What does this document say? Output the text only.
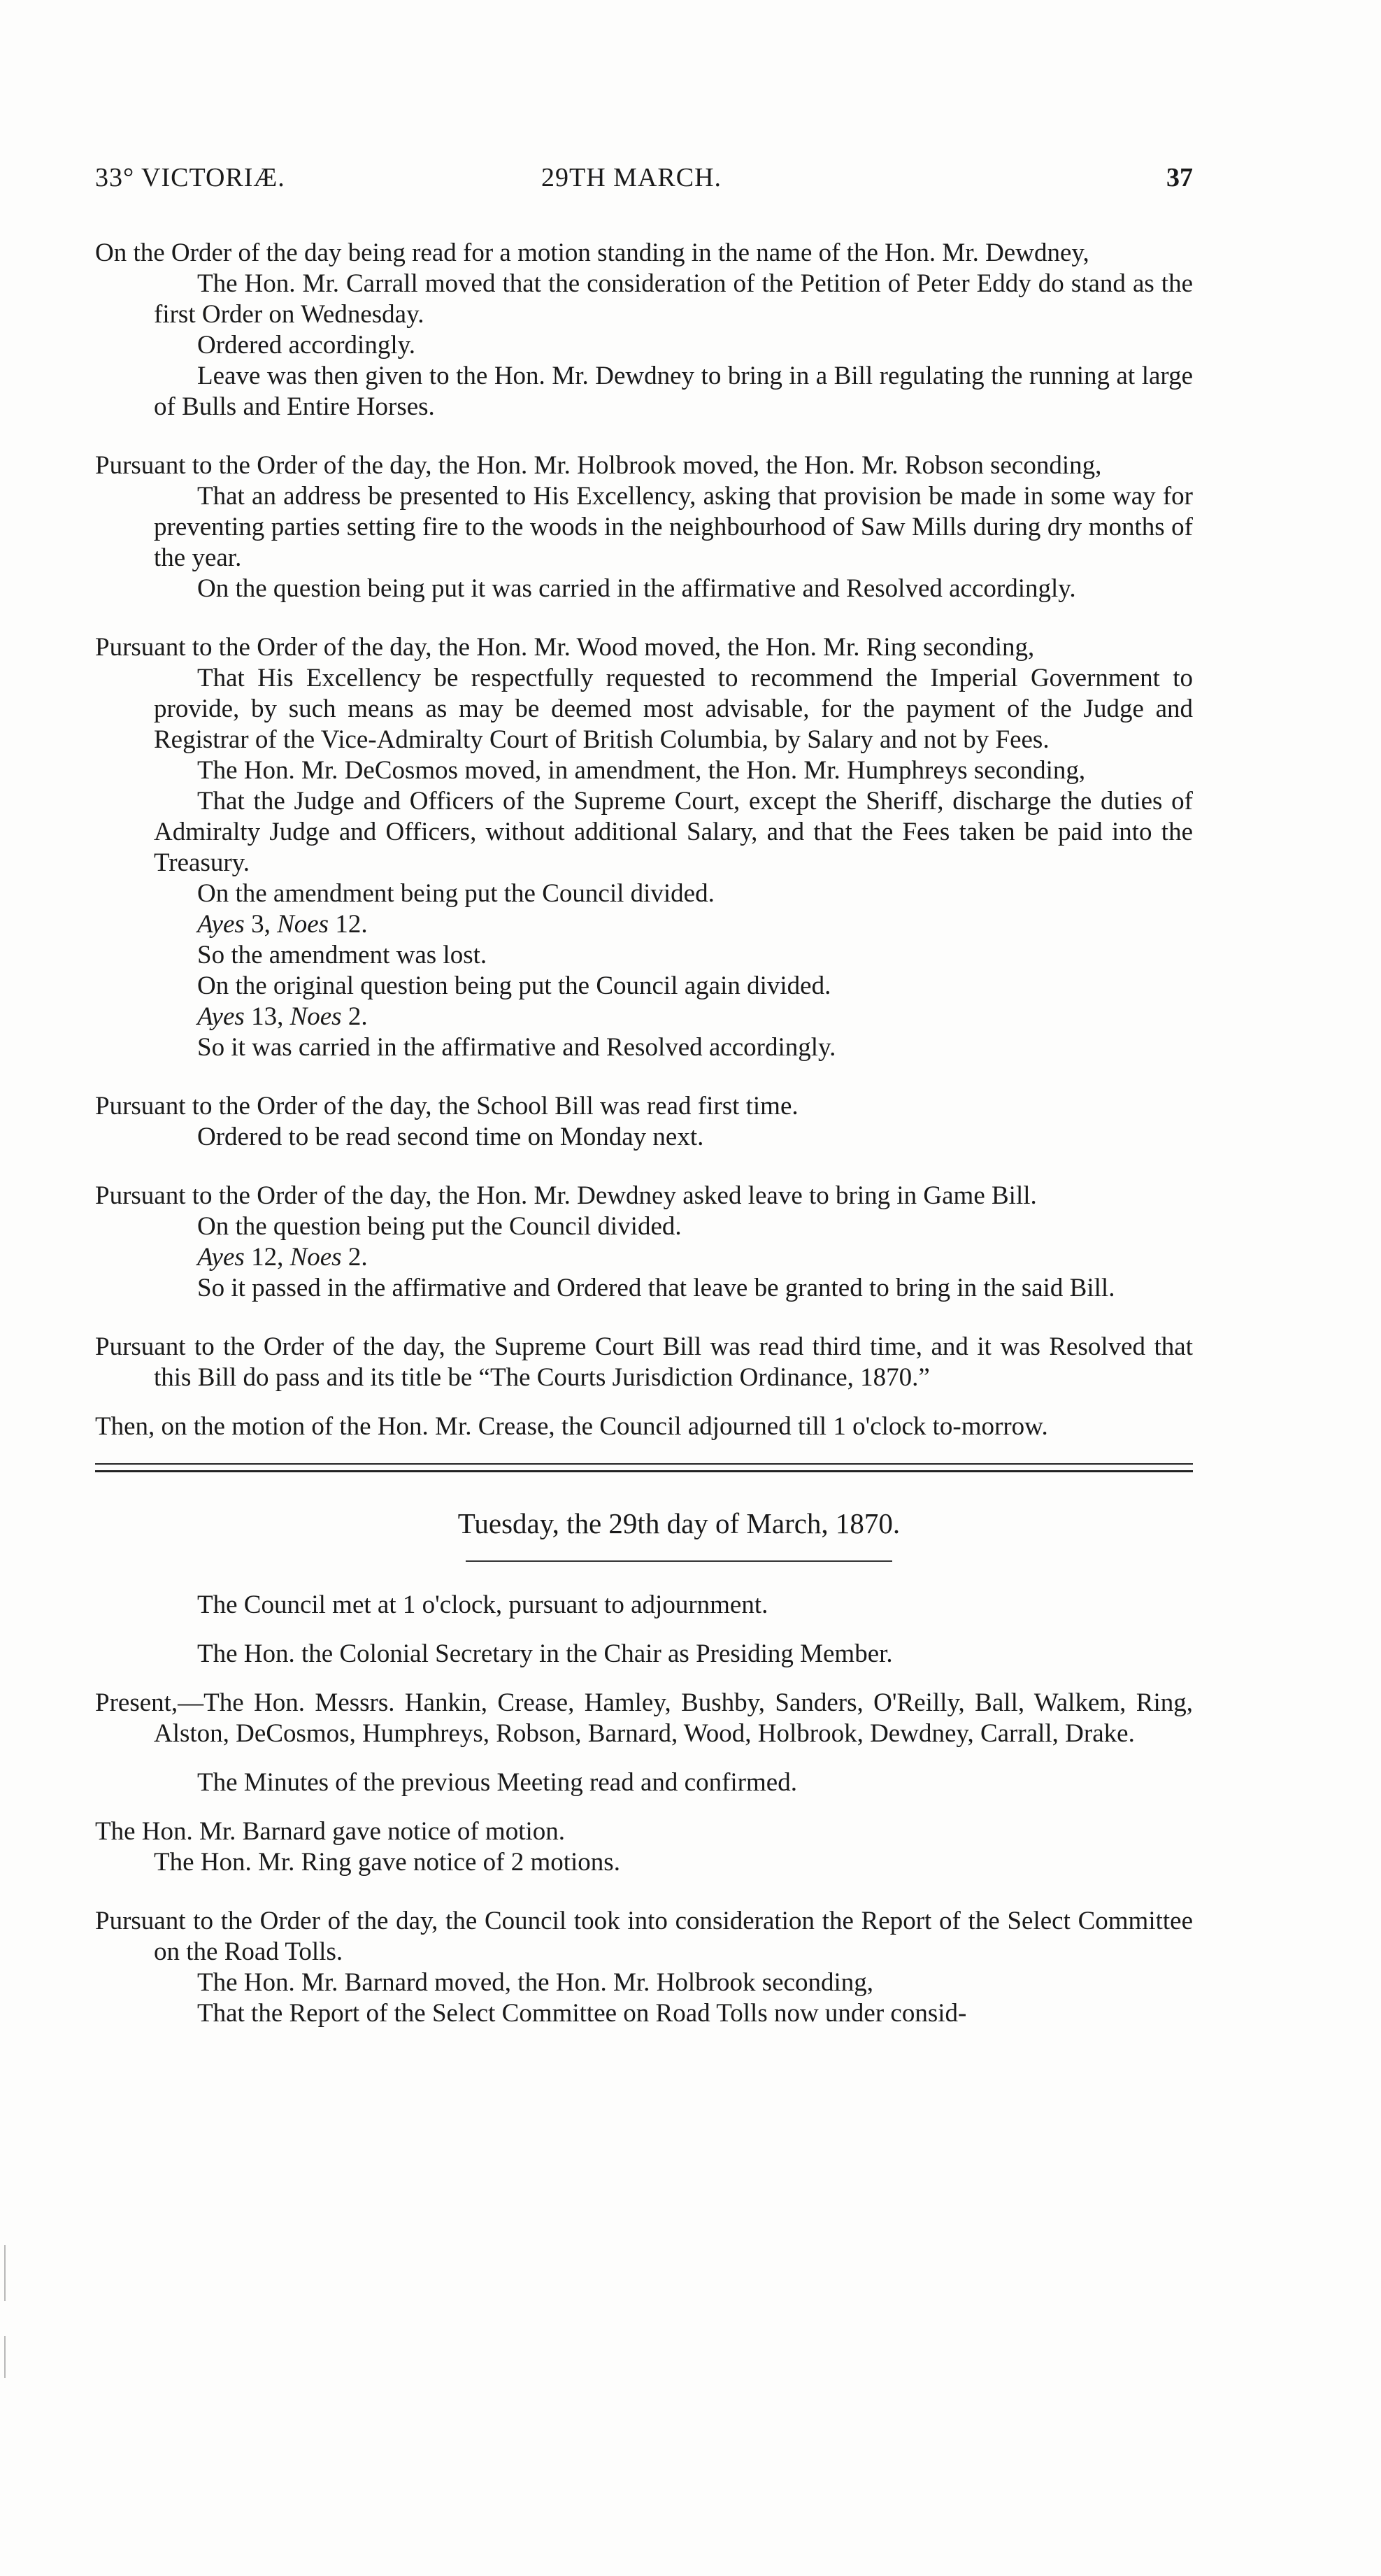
33° VICTORIÆ.	29TH MARCH.	37

On the Order of the day being read for a motion standing in the name of the Hon. Mr. Dewdney,

The Hon. Mr. Carrall moved that the consideration of the Petition of Peter Eddy do stand as the first Order on Wednesday.

Ordered accordingly.

Leave was then given to the Hon. Mr. Dewdney to bring in a Bill regulating the running at large of Bulls and Entire Horses.

Pursuant to the Order of the day, the Hon. Mr. Holbrook moved, the Hon. Mr. Robson seconding,

That an address be presented to His Excellency, asking that provision be made in some way for preventing parties setting fire to the woods in the neighbourhood of Saw Mills during dry months of the year.

On the question being put it was carried in the affirmative and Resolved accordingly.

Pursuant to the Order of the day, the Hon. Mr. Wood moved, the Hon. Mr. Ring seconding,

That His Excellency be respectfully requested to recommend the Imperial Government to provide, by such means as may be deemed most advisable, for the payment of the Judge and Registrar of the Vice-Admiralty Court of British Columbia, by Salary and not by Fees.

The Hon. Mr. DeCosmos moved, in amendment, the Hon. Mr. Humphreys seconding,

That the Judge and Officers of the Supreme Court, except the Sheriff, discharge the duties of Admiralty Judge and Officers, without additional Salary, and that the Fees taken be paid into the Treasury.

On the amendment being put the Council divided.

Ayes 3, Noes 12.

So the amendment was lost.

On the original question being put the Council again divided.

Ayes 13, Noes 2.

So it was carried in the affirmative and Resolved accordingly.

Pursuant to the Order of the day, the School Bill was read first time.

Ordered to be read second time on Monday next.

Pursuant to the Order of the day, the Hon. Mr. Dewdney asked leave to bring in Game Bill.

On the question being put the Council divided.

Ayes 12, Noes 2.

So it passed in the affirmative and Ordered that leave be granted to bring in the said Bill.

Pursuant to the Order of the day, the Supreme Court Bill was read third time, and it was Resolved that this Bill do pass and its title be “The Courts Jurisdiction Ordinance, 1870.”

Then, on the motion of the Hon. Mr. Crease, the Council adjourned till 1 o'clock to-morrow.

Tuesday, the 29th day of March, 1870.

The Council met at 1 o'clock, pursuant to adjournment.

The Hon. the Colonial Secretary in the Chair as Presiding Member.

Present,—The Hon. Messrs. Hankin, Crease, Hamley, Bushby, Sanders, O'Reilly, Ball, Walkem, Ring, Alston, DeCosmos, Humphreys, Robson, Barnard, Wood, Holbrook, Dewdney, Carrall, Drake.

The Minutes of the previous Meeting read and confirmed.

The Hon. Mr. Barnard gave notice of motion.

The Hon. Mr. Ring gave notice of 2 motions.

Pursuant to the Order of the day, the Council took into consideration the Report of the Select Committee on the Road Tolls.

The Hon. Mr. Barnard moved, the Hon. Mr. Holbrook seconding,

That the Report of the Select Committee on Road Tolls now under consid-
